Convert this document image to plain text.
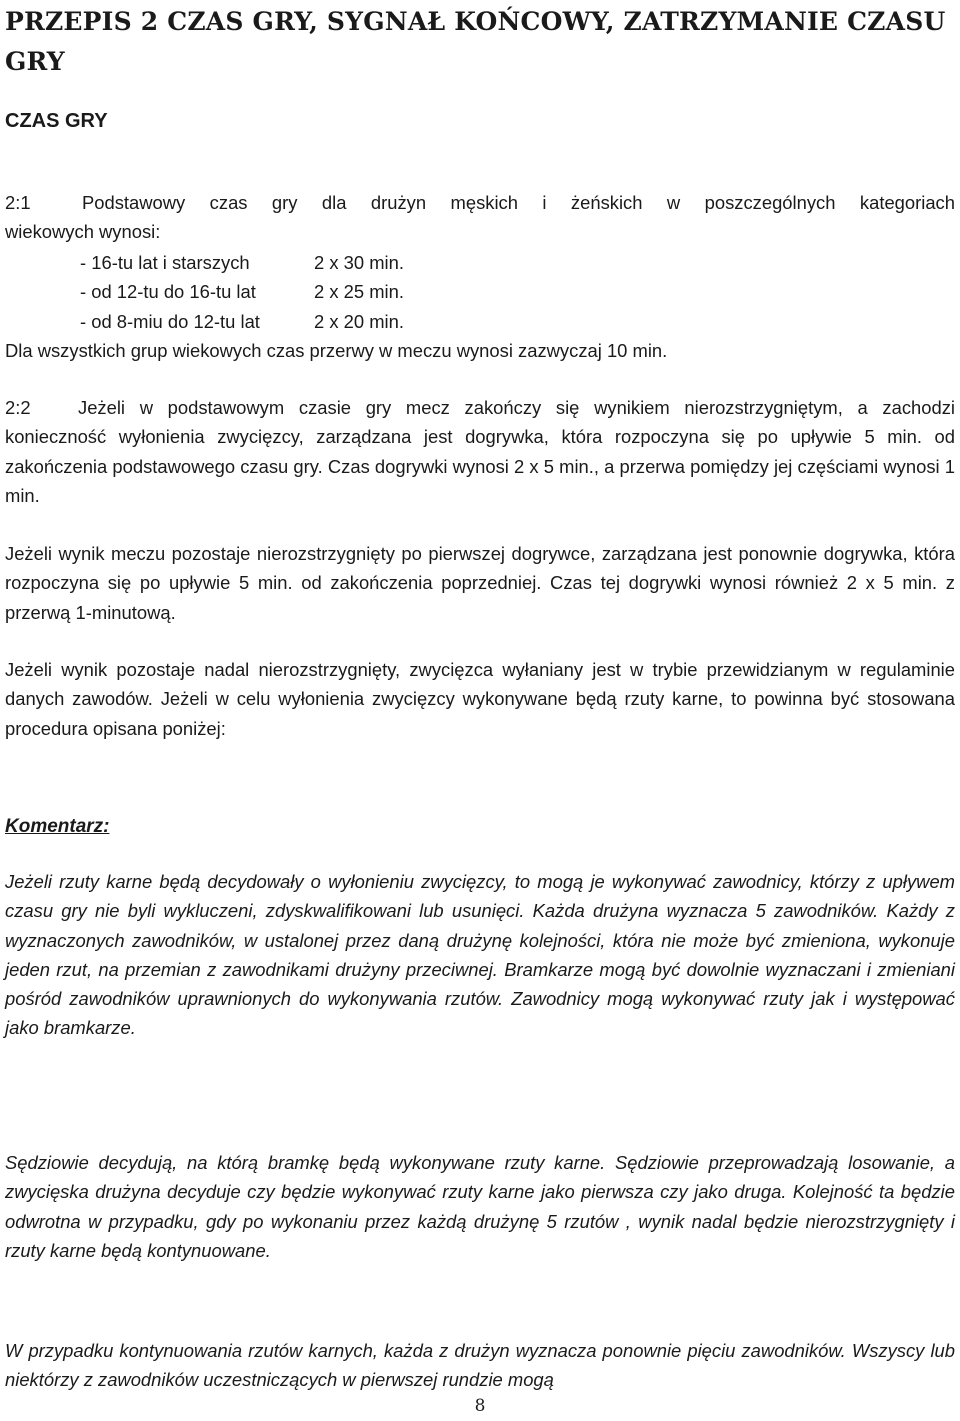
PRZEPIS 2 CZAS GRY, SYGNAŁ KOŃCOWY, ZATRZYMANIE CZASU GRY
CZAS GRY
2:1	Podstawowy czas gry dla drużyn męskich i żeńskich w poszczególnych kategoriach
wiekowych wynosi:
- 16-tu lat i starszych	2 x 30 min.
- od 12-tu do 16-tu lat	2 x 25 min.
- od 8-miu do 12-tu lat	2 x 20 min.
Dla wszystkich grup wiekowych czas przerwy w meczu wynosi zazwyczaj 10 min.
2:2	Jeżeli w podstawowym czasie gry mecz zakończy się wynikiem nierozstrzygniętym, a zachodzi konieczność wyłonienia zwycięzcy, zarządzana jest dogrywka, która rozpoczyna się po upływie 5 min. od zakończenia podstawowego czasu gry. Czas dogrywki wynosi 2 x 5 min., a przerwa pomiędzy jej częściami wynosi 1 min.
Jeżeli wynik meczu pozostaje nierozstrzygnięty po pierwszej dogrywce, zarządzana jest ponownie dogrywka, która rozpoczyna się po upływie 5 min. od zakończenia poprzedniej. Czas tej dogrywki wynosi również 2 x 5 min. z przerwą 1-minutową.
Jeżeli wynik pozostaje nadal nierozstrzygnięty, zwycięzca wyłaniany jest w trybie przewidzianym w regulaminie danych zawodów. Jeżeli w celu wyłonienia zwycięzcy wykonywane będą rzuty karne, to powinna być stosowana procedura opisana poniżej:
Komentarz:
Jeżeli rzuty karne będą decydowały o wyłonieniu zwycięzcy, to mogą je wykonywać zawodnicy, którzy z upływem czasu gry nie byli wykluczeni, zdyskwalifikowani lub usunięci. Każda drużyna wyznacza 5 zawodników. Każdy z wyznaczonych zawodników, w ustalonej przez daną drużynę kolejności, która nie może być zmieniona, wykonuje jeden rzut, na przemian z zawodnikami drużyny przeciwnej. Bramkarze mogą być dowolnie wyznaczani i zmieniani pośród zawodników uprawnionych do wykonywania rzutów. Zawodnicy mogą wykonywać rzuty jak i występować jako bramkarze.
Sędziowie decydują, na którą bramkę będą wykonywane rzuty karne. Sędziowie przeprowadzają losowanie, a zwycięska drużyna decyduje czy będzie wykonywać rzuty karne jako pierwsza czy jako druga. Kolejność ta będzie odwrotna w przypadku, gdy po wykonaniu przez każdą drużynę 5 rzutów , wynik nadal będzie nierozstrzygnięty i rzuty karne będą kontynuowane.
W przypadku kontynuowania rzutów karnych, każda z drużyn wyznacza ponownie pięciu zawodników. Wszyscy lub niektórzy z zawodników uczestniczących w pierwszej rundzie mogą
8
